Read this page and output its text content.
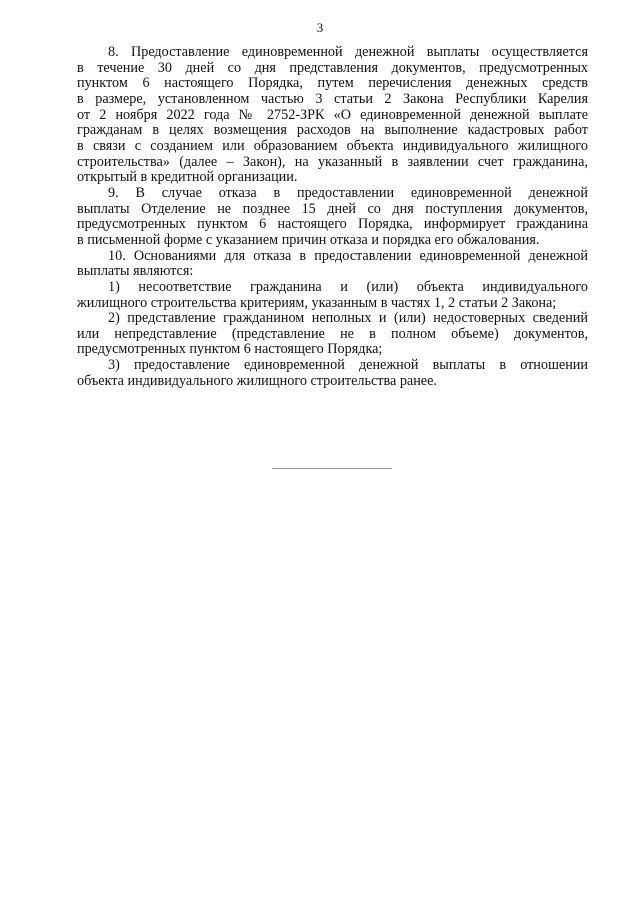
3
8. Предоставление единовременной денежной выплаты осуществляется
в течение 30 дней со дня представления документов, предусмотренных
пунктом 6 настоящего Порядка, путем перечисления денежных средств
в размере, установленном частью 3 статьи 2 Закона Республики Карелия
от 2 ноября 2022 года № 2752-ЗРК «О единовременной денежной выплате
гражданам в целях возмещения расходов на выполнение кадастровых работ
в связи с созданием или образованием объекта индивидуального жилищного
строительства» (далее – Закон), на указанный в заявлении счет гражданина,
открытый в кредитной организации.
9. В случае отказа в предоставлении единовременной денежной
выплаты Отделение не позднее 15 дней со дня поступления документов,
предусмотренных пунктом 6 настоящего Порядка, информирует гражданина
в письменной форме с указанием причин отказа и порядка его обжалования.
10. Основаниями для отказа в предоставлении единовременной денежной
выплаты являются:
1) несоответствие гражданина и (или) объекта индивидуального
жилищного строительства критериям, указанным в частях 1, 2 статьи 2 Закона;
2) представление гражданином неполных и (или) недостоверных сведений
или непредставление (представление не в полном объеме) документов,
предусмотренных пунктом 6 настоящего Порядка;
3) предоставление единовременной денежной выплаты в отношении
объекта индивидуального жилищного строительства ранее.
